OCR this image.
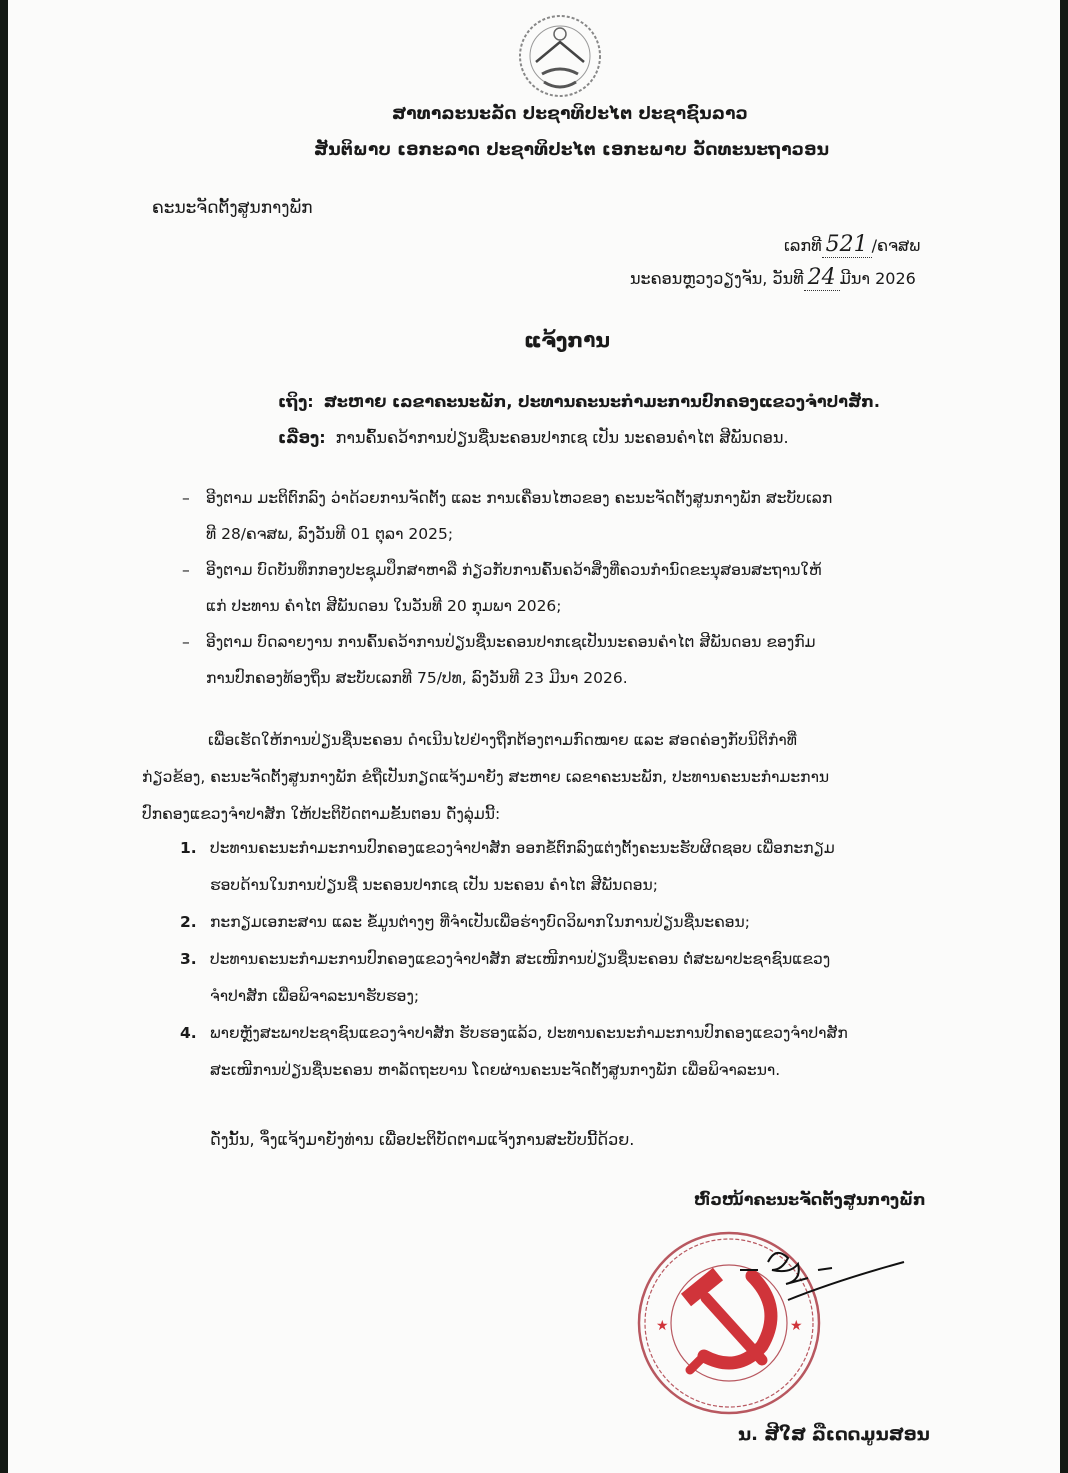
ສາທາລະນະລັດ ປະຊາທິປະໄຕ ປະຊາຊົນລາວ
ສັນຕິພາບ ເອກະລາດ ປະຊາທິປະໄຕ ເອກະພາບ ວັດທະນະຖາວອນ
ຄະນະຈັດຕັ້ງສູນກາງພັກ
ເລກທີ 521 /ຄຈສພ
ນະຄອນຫຼວງວຽງຈັນ, ວັນທີ 24 ມີນາ 2026
ແຈ້ງການ
ເຖິງ: ສະຫາຍ ເລຂາຄະນະພັກ, ປະທານຄະນະກຳມະການປົກຄອງແຂວງຈຳປາສັກ.
ເລື່ອງ: ການຄົ້ນຄວ້າການປ່ຽນຊື່ນະຄອນປາກເຊ ເປັນ ນະຄອນຄຳໄຕ ສີພັນດອນ.
– ອີງຕາມ ມະຕິຕົກລົງ ວ່າດ້ວຍການຈັດຕັ້ງ ແລະ ການເຄື່ອນໄຫວຂອງ ຄະນະຈັດຕັ້ງສູນກາງພັກ ສະບັບເລກ
ທີ 28/ຄຈສພ, ລົງວັນທີ 01 ຕຸລາ 2025;
– ອີງຕາມ ບົດບັນທຶກກອງປະຊຸມປຶກສາຫາລື ກ່ຽວກັບການຄົ້ນຄວ້າສິ່ງທີ່ຄວນກຳນົດຂະນຸສອນສະຖານໃຫ້
ແກ່ ປະທານ ຄຳໄຕ ສີພັນດອນ ໃນວັນທີ 20 ກຸມພາ 2026;
– ອີງຕາມ ບົດລາຍງານ ການຄົ້ນຄວ້າການປ່ຽນຊື່ນະຄອນປາກເຊເປັນນະຄອນຄຳໄຕ ສີພັນດອນ ຂອງກົມ
ການປົກຄອງທ້ອງຖິ່ນ ສະບັບເລກທີ 75/ປທ, ລົງວັນທີ 23 ມີນາ 2026.
ເພື່ອເຮັດໃຫ້ການປ່ຽນຊື່ນະຄອນ ດຳເນີນໄປຢ່າງຖືກຕ້ອງຕາມກົດໝາຍ ແລະ ສອດຄ່ອງກັບນິຕິກຳທີ່
ກ່ຽວຂ້ອງ, ຄະນະຈັດຕັ້ງສູນກາງພັກ ຂໍຖືເປັນກຽດແຈ້ງມາຍັງ ສະຫາຍ ເລຂາຄະນະພັກ, ປະທານຄະນະກຳມະການ
ປົກຄອງແຂວງຈຳປາສັກ ໃຫ້ປະຕິບັດຕາມຂັ້ນຕອນ ດັ່ງລຸ່ມນີ້:
1. ປະທານຄະນະກຳມະການປົກຄອງແຂວງຈຳປາສັກ ອອກຂໍ້ຕົກລົງແຕ່ງຕັ້ງຄະນະຮັບຜິດຊອບ ເພື່ອກະກຽມ
ຮອບດ້ານໃນການປ່ຽນຊື່ ນະຄອນປາກເຊ ເປັນ ນະຄອນ ຄຳໄຕ ສີພັນດອນ;
2. ກະກຽມເອກະສານ ແລະ ຂໍ້ມູນຕ່າງໆ ທີ່ຈຳເປັນເພື່ອຮ່າງບົດວິພາກໃນການປ່ຽນຊື່ນະຄອນ;
3. ປະທານຄະນະກຳມະການປົກຄອງແຂວງຈຳປາສັກ ສະເໜີການປ່ຽນຊື່ນະຄອນ ຕໍ່ສະພາປະຊາຊົນແຂວງ
ຈຳປາສັກ ເພື່ອພິຈາລະນາຮັບຮອງ;
4. ພາຍຫຼັງສະພາປະຊາຊົນແຂວງຈຳປາສັກ ຮັບຮອງແລ້ວ, ປະທານຄະນະກຳມະການປົກຄອງແຂວງຈຳປາສັກ
ສະເໜີການປ່ຽນຊື່ນະຄອນ ຫາລັດຖະບານ ໂດຍຜ່ານຄະນະຈັດຕັ້ງສູນກາງພັກ ເພື່ອພິຈາລະນາ.
ດັ່ງນັ້ນ, ຈຶ່ງແຈ້ງມາຍັງທ່ານ ເພື່ອປະຕິບັດຕາມແຈ້ງການສະບັບນີ້ດ້ວຍ.
ຫົວໜ້າຄະນະຈັດຕັ້ງສູນກາງພັກ
★	★
ນ. ສີໃສ ລືເດດມູນສອນ
